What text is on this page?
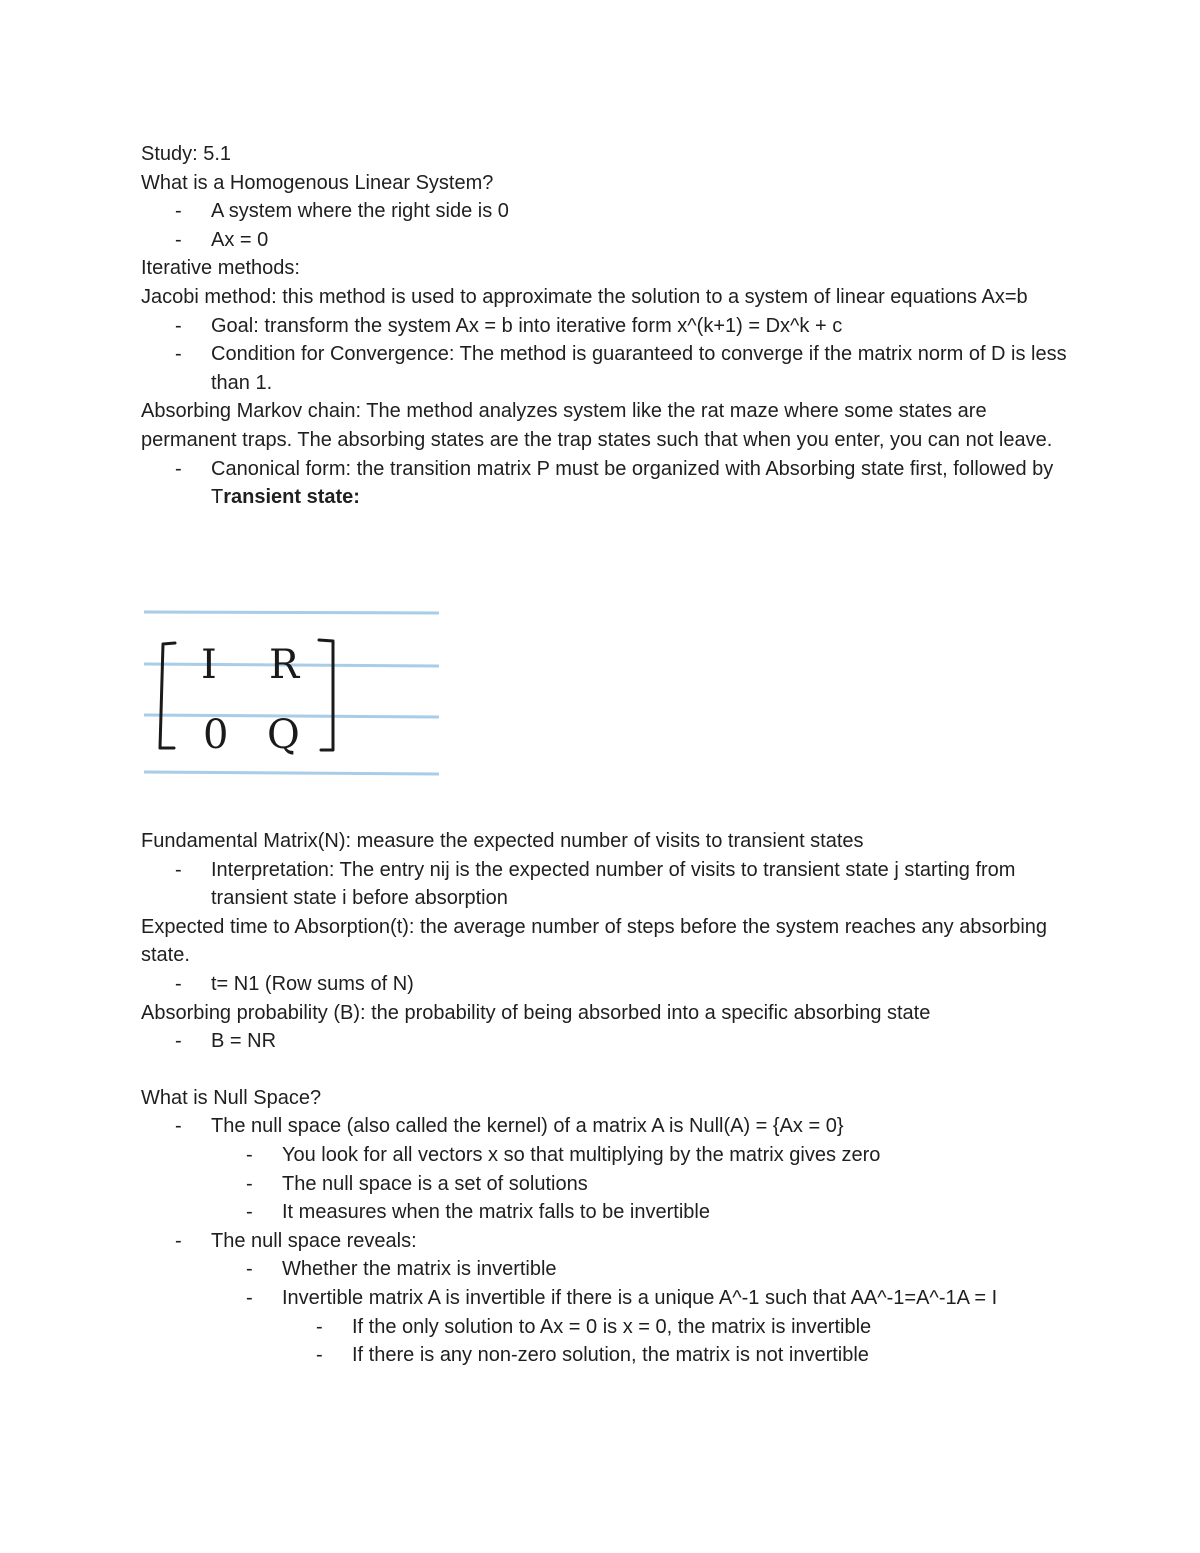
Study: 5.1

What is a Homogenous Linear System?

- A system where the right side is 0

- Ax = 0

Iterative methods:

Jacobi method: this method is used to approximate the solution to a system of linear equations Ax=b

- Goal: transform the system Ax = b into iterative form x^(k+1) = Dx^k + c

- Condition for Convergence: The method is guaranteed to converge if the matrix norm of D is less than 1.

Absorbing Markov chain: The method analyzes system like the rat maze where some states are permanent traps. The absorbing states are the trap states such that when you enter, you can not leave.

- Canonical form: the transition matrix P must be organized with Absorbing state first, followed by Transient state:

I R
0 Q

Fundamental Matrix(N): measure the expected number of visits to transient states

- Interpretation: The entry nij is the expected number of visits to transient state j starting from transient state i before absorption

Expected time to Absorption(t): the average number of steps before the system reaches any absorbing state.

- t= N1 (Row sums of N)

Absorbing probability (B): the probability of being absorbed into a specific absorbing state

- B = NR

What is Null Space?

- The null space (also called the kernel) of a matrix A is Null(A) = {Ax = 0}

- You look for all vectors x so that multiplying by the matrix gives zero

- The null space is a set of solutions

- It measures when the matrix falls to be invertible

- The null space reveals:

- Whether the matrix is invertible

- Invertible matrix A is invertible if there is a unique A^-1 such that AA^-1=A^-1A = I

- If the only solution to Ax = 0 is x = 0, the matrix is invertible

- If there is any non-zero solution, the matrix is not invertible
